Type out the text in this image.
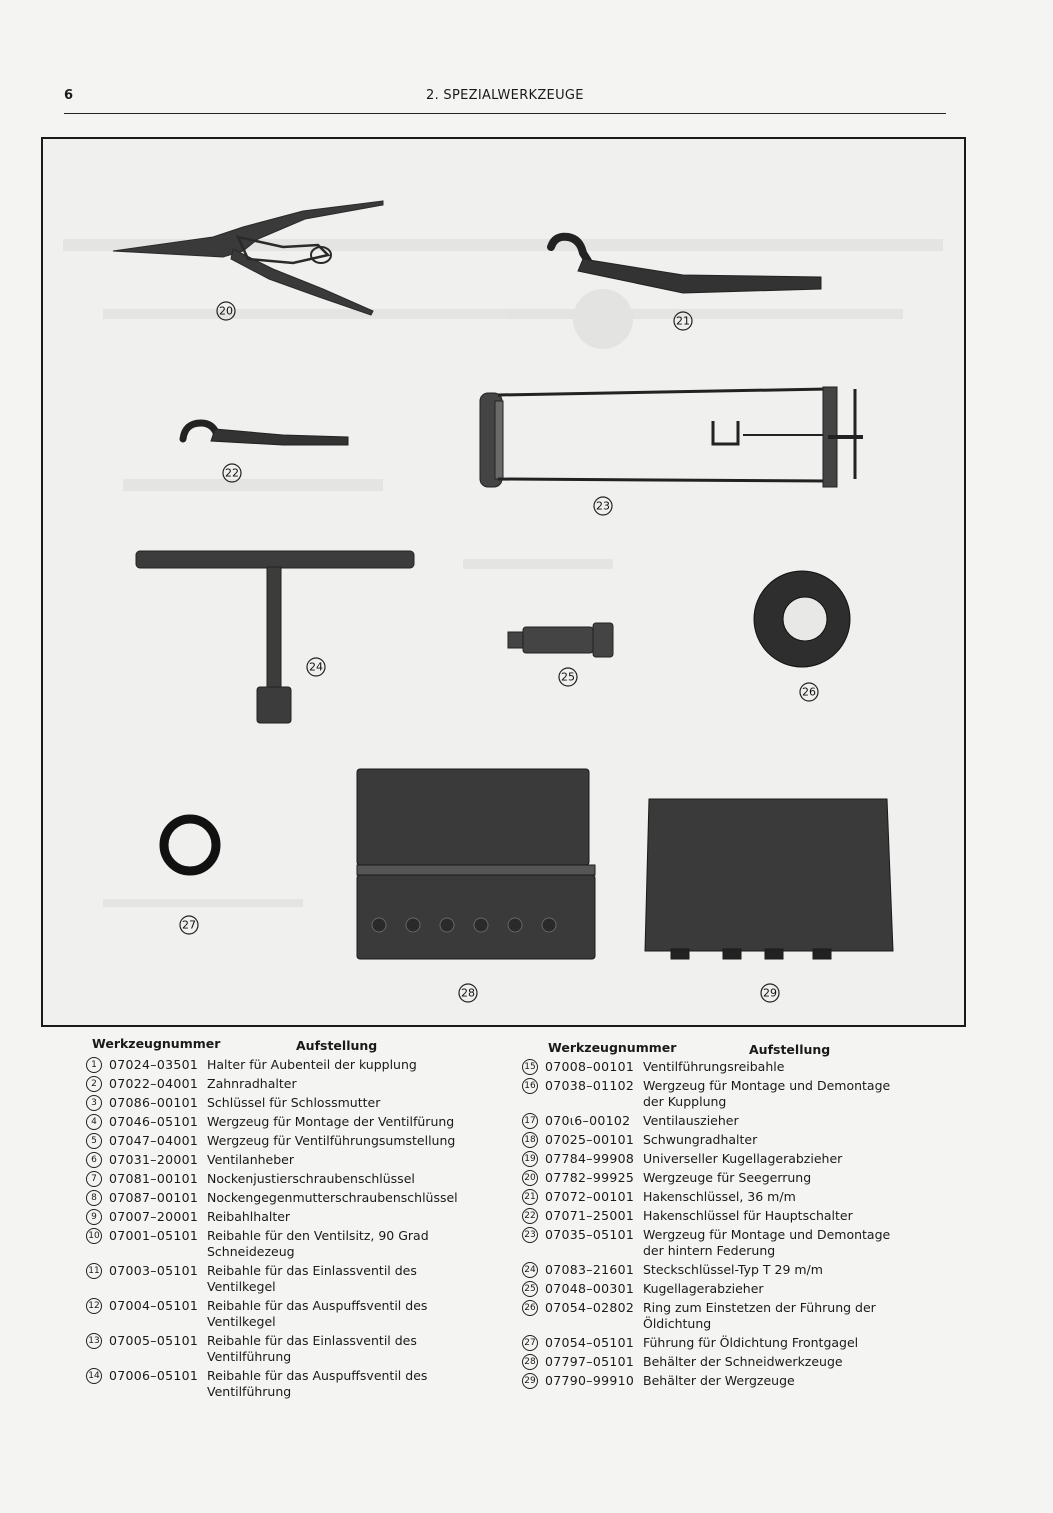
6	2. SPEZIALWERKZEUGE
20
21
22
23
24
25
26
27
28	29
Werkzeugnummer	Aufstellung	Werkzeugnummer	Aufstellung
1 07024–03501 Halter für Aubenteil der kupplung
2 07022–04001 Zahnradhalter
3 07086–00101 Schlüssel für Schlossmutter
4 07046–05101 Wergzeug für Montage der Ventilfürung
5 07047–04001 Wergzeug für Ventilführungsumstellung
6 07031–20001 Ventilanheber
7 07081–00101 Nockenjustierschraubenschlüssel
8 07087–00101 Nockengegenmutterschraubenschlüssel
9 07007–20001 Reibahlhalter
10 07001–05101 Reibahle für den Ventilsitz, 90 Grad Schneidezeug
11 07003–05101 Reibahle für das Einlassventil des Ventilkegel
12 07004–05101 Reibahle für das Auspuffsventil des Ventilkegel
13 07005–05101 Reibahle für das Einlassventil des Ventilführung
14 07006–05101 Reibahle für das Auspuffsventil des Ventilführung
15 07008–00101 Ventilführungsreibahle
16 07038–01102 Wergzeug für Montage und Demontage der Kupplung
17 070ɩ6–00102	Ventilauszieher
18 07025–00101 Schwungradhalter
19 07784–99908 Universeller Kugellagerabzieher
20 07782–99925 Wergzeuge für Seegerrung
21 07072–00101 Hakenschlüssel, 36 m/m
22 07071–25001 Hakenschlüssel für Hauptschalter
23 07035–05101 Wergzeug für Montage und Demontage der hintern Federung
24 07083–21601 Steckschlüssel-Typ T 29 m/m
25 07048–00301 Kugellagerabzieher
26 07054–02802 Ring zum Einstetzen der Führung der Öldichtung
27 07054–05101 Führung für Öldichtung Frontgagel
28 07797–05101 Behälter der Schneidwerkzeuge
29 07790–99910 Behälter der Wergzeuge
